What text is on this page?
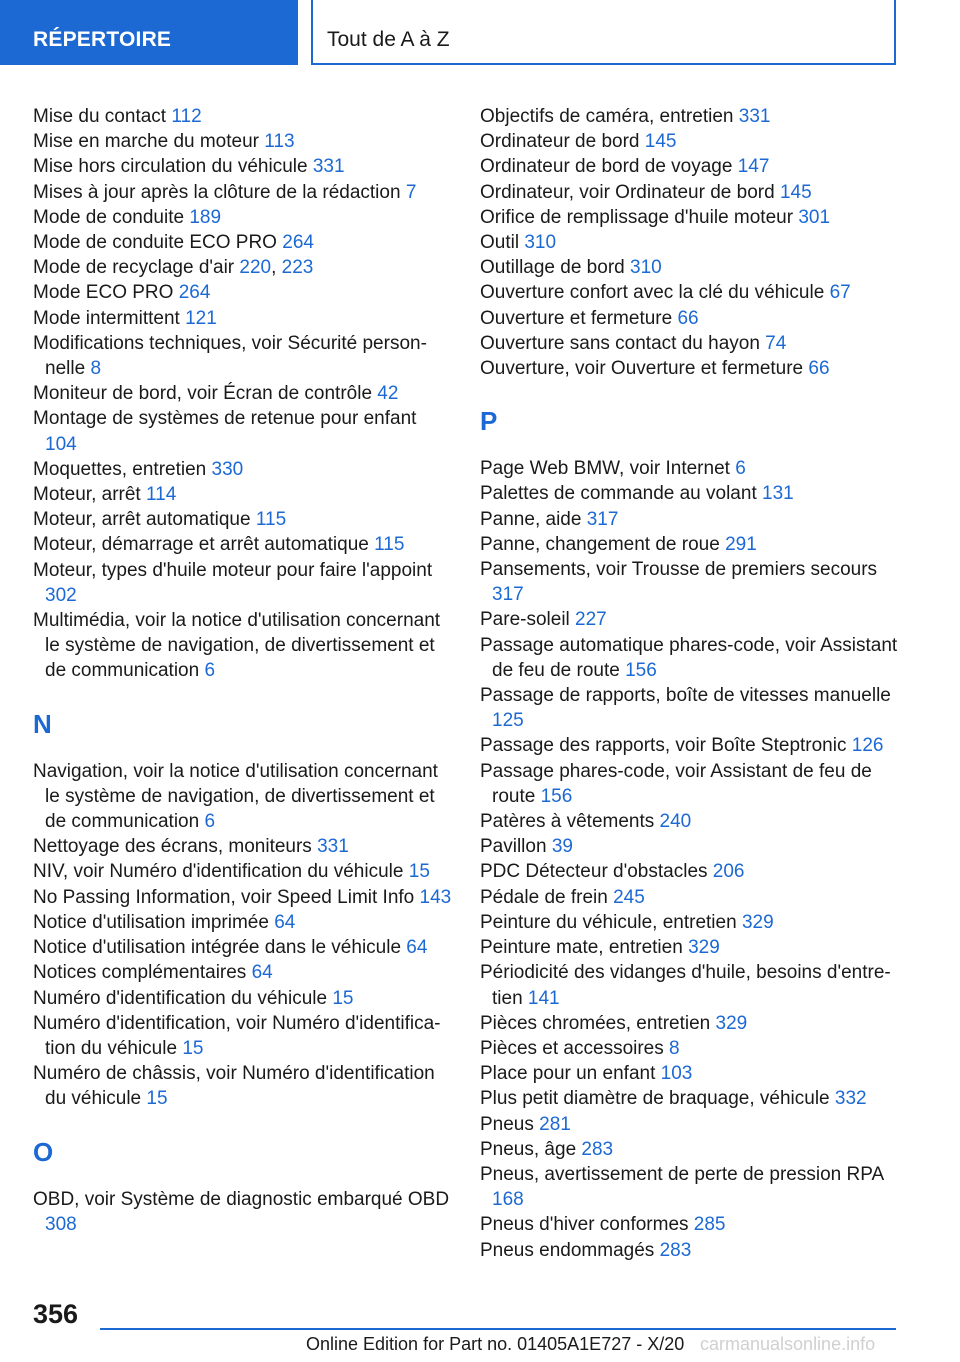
RÉPERTOIRE	Tout de A à Z
Mise du contact 112
Mise en marche du moteur 113
Mise hors circulation du véhicule 331
Mises à jour après la clôture de la rédaction 7
Mode de conduite 189
Mode de conduite ECO PRO 264
Mode de recyclage d'air 220, 223
Mode ECO PRO 264
Mode intermittent 121
Modifications techniques, voir Sécurité personnelle 8
Moniteur de bord, voir Écran de contrôle 42
Montage de systèmes de retenue pour enfant 104
Moquettes, entretien 330
Moteur, arrêt 114
Moteur, arrêt automatique 115
Moteur, démarrage et arrêt automatique 115
Moteur, types d'huile moteur pour faire l'appoint 302
Multimédia, voir la notice d'utilisation concernant le système de navigation, de divertissement et de communication 6
N
Navigation, voir la notice d'utilisation concernant le système de navigation, de divertissement et de communication 6
Nettoyage des écrans, moniteurs 331
NIV, voir Numéro d'identification du véhicule 15
No Passing Information, voir Speed Limit Info 143
Notice d'utilisation imprimée 64
Notice d'utilisation intégrée dans le véhicule 64
Notices complémentaires 64
Numéro d'identification du véhicule 15
Numéro d'identification, voir Numéro d'identification du véhicule 15
Numéro de châssis, voir Numéro d'identification du véhicule 15
O
OBD, voir Système de diagnostic embarqué OBD 308
Objectifs de caméra, entretien 331
Ordinateur de bord 145
Ordinateur de bord de voyage 147
Ordinateur, voir Ordinateur de bord 145
Orifice de remplissage d'huile moteur 301
Outil 310
Outillage de bord 310
Ouverture confort avec la clé du véhicule 67
Ouverture et fermeture 66
Ouverture sans contact du hayon 74
Ouverture, voir Ouverture et fermeture 66
P
Page Web BMW, voir Internet 6
Palettes de commande au volant 131
Panne, aide 317
Panne, changement de roue 291
Pansements, voir Trousse de premiers secours 317
Pare-soleil 227
Passage automatique phares-code, voir Assistant de feu de route 156
Passage de rapports, boîte de vitesses manuelle 125
Passage des rapports, voir Boîte Steptronic 126
Passage phares-code, voir Assistant de feu de route 156
Patères à vêtements 240
Pavillon 39
PDC Détecteur d'obstacles 206
Pédale de frein 245
Peinture du véhicule, entretien 329
Peinture mate, entretien 329
Périodicité des vidanges d'huile, besoins d'entretien 141
Pièces chromées, entretien 329
Pièces et accessoires 8
Place pour un enfant 103
Plus petit diamètre de braquage, véhicule 332
Pneus 281
Pneus, âge 283
Pneus, avertissement de perte de pression RPA 168
Pneus d'hiver conformes 285
Pneus endommagés 283
356
Online Edition for Part no. 01405A1E727 - X/20 carmanualsonline.info
